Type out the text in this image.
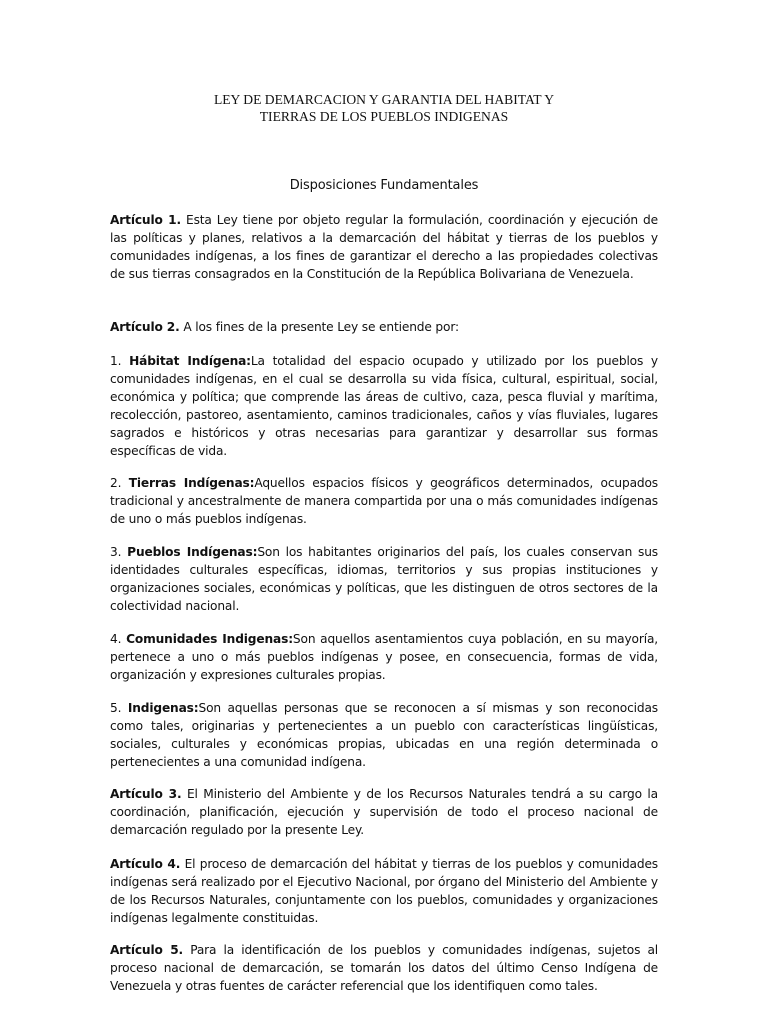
LEY DE DEMARCACION Y GARANTIA DEL HABITAT Y
TIERRAS DE LOS PUEBLOS INDIGENAS
Disposiciones Fundamentales
Artículo 1. Esta Ley tiene por objeto regular la formulación, coordinación y ejecución de las políticas y planes, relativos a la demarcación del hábitat y tierras de los pueblos y comunidades indígenas, a los fines de garantizar el derecho a las propiedades colectivas de sus tierras consagrados en la Constitución de la República Bolivariana de Venezuela.
Artículo 2. A los fines de la presente Ley se entiende por:
1. Hábitat Indígena:La totalidad del espacio ocupado y utilizado por los pueblos y comunidades indígenas, en el cual se desarrolla su vida física, cultural, espiritual, social, económica y política; que comprende las áreas de cultivo, caza, pesca fluvial y marítima, recolección, pastoreo, asentamiento, caminos tradicionales, caños y vías fluviales, lugares sagrados e históricos y otras necesarias para garantizar y desarrollar sus formas específicas de vida.
2. Tierras Indígenas:Aquellos espacios físicos y geográficos determinados, ocupados tradicional y ancestralmente de manera compartida por una o más comunidades indígenas de uno o más pueblos indígenas.
3. Pueblos Indígenas:Son los habitantes originarios del país, los cuales conservan sus identidades culturales específicas, idiomas, territorios y sus propias instituciones y organizaciones sociales, económicas y políticas, que les distinguen de otros sectores de la colectividad nacional.
4. Comunidades Indigenas:Son aquellos asentamientos cuya población, en su mayoría, pertenece a uno o más pueblos indígenas y posee, en consecuencia, formas de vida, organización y expresiones culturales propias.
5. Indigenas:Son aquellas personas que se reconocen a sí mismas y son reconocidas como tales, originarias y pertenecientes a un pueblo con características lingüísticas, sociales, culturales y económicas propias, ubicadas en una región determinada o pertenecientes a una comunidad indígena.
Artículo 3. El Ministerio del Ambiente y de los Recursos Naturales tendrá a su cargo la coordinación, planificación, ejecución y supervisión de todo el proceso nacional de demarcación regulado por la presente Ley.
Artículo 4. El proceso de demarcación del hábitat y tierras de los pueblos y comunidades indígenas será realizado por el Ejecutivo Nacional, por órgano del Ministerio del Ambiente y de los Recursos Naturales, conjuntamente con los pueblos, comunidades y organizaciones indígenas legalmente constituidas.
Artículo 5. Para la identificación de los pueblos y comunidades indígenas, sujetos al proceso nacional de demarcación, se tomarán los datos del último Censo Indígena de Venezuela y otras fuentes de carácter referencial que los identifiquen como tales.
